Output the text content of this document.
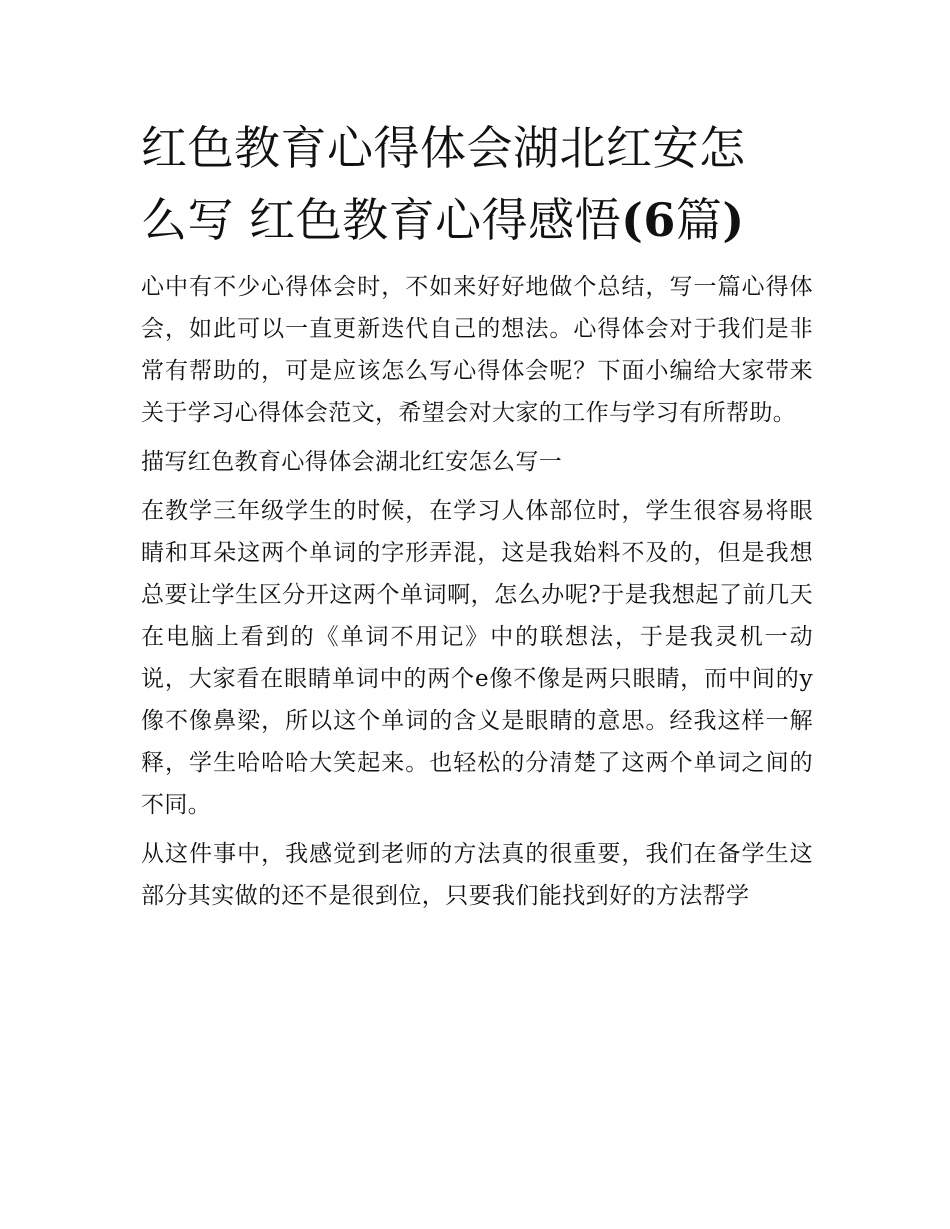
红色教育心得体会湖北红安怎
么写 红色教育心得感悟(6篇)

心中有不少心得体会时，不如来好好地做个总结，写一篇心得体会，如此可以一直更新迭代自己的想法。心得体会对于我们是非常有帮助的，可是应该怎么写心得体会呢？下面小编给大家带来关于学习心得体会范文，希望会对大家的工作与学习有所帮助。

描写红色教育心得体会湖北红安怎么写一

在教学三年级学生的时候，在学习人体部位时，学生很容易将眼睛和耳朵这两个单词的字形弄混，这是我始料不及的，但是我想总要让学生区分开这两个单词啊，怎么办呢?于是我想起了前几天在电脑上看到的《单词不用记》中的联想法，于是我灵机一动说，大家看在眼睛单词中的两个e像不像是两只眼睛，而中间的y像不像鼻梁，所以这个单词的含义是眼睛的意思。经我这样一解释，学生哈哈哈大笑起来。也轻松的分清楚了这两个单词之间的不同。

从这件事中，我感觉到老师的方法真的很重要，我们在备学生这部分其实做的还不是很到位，只要我们能找到好的方法帮学
